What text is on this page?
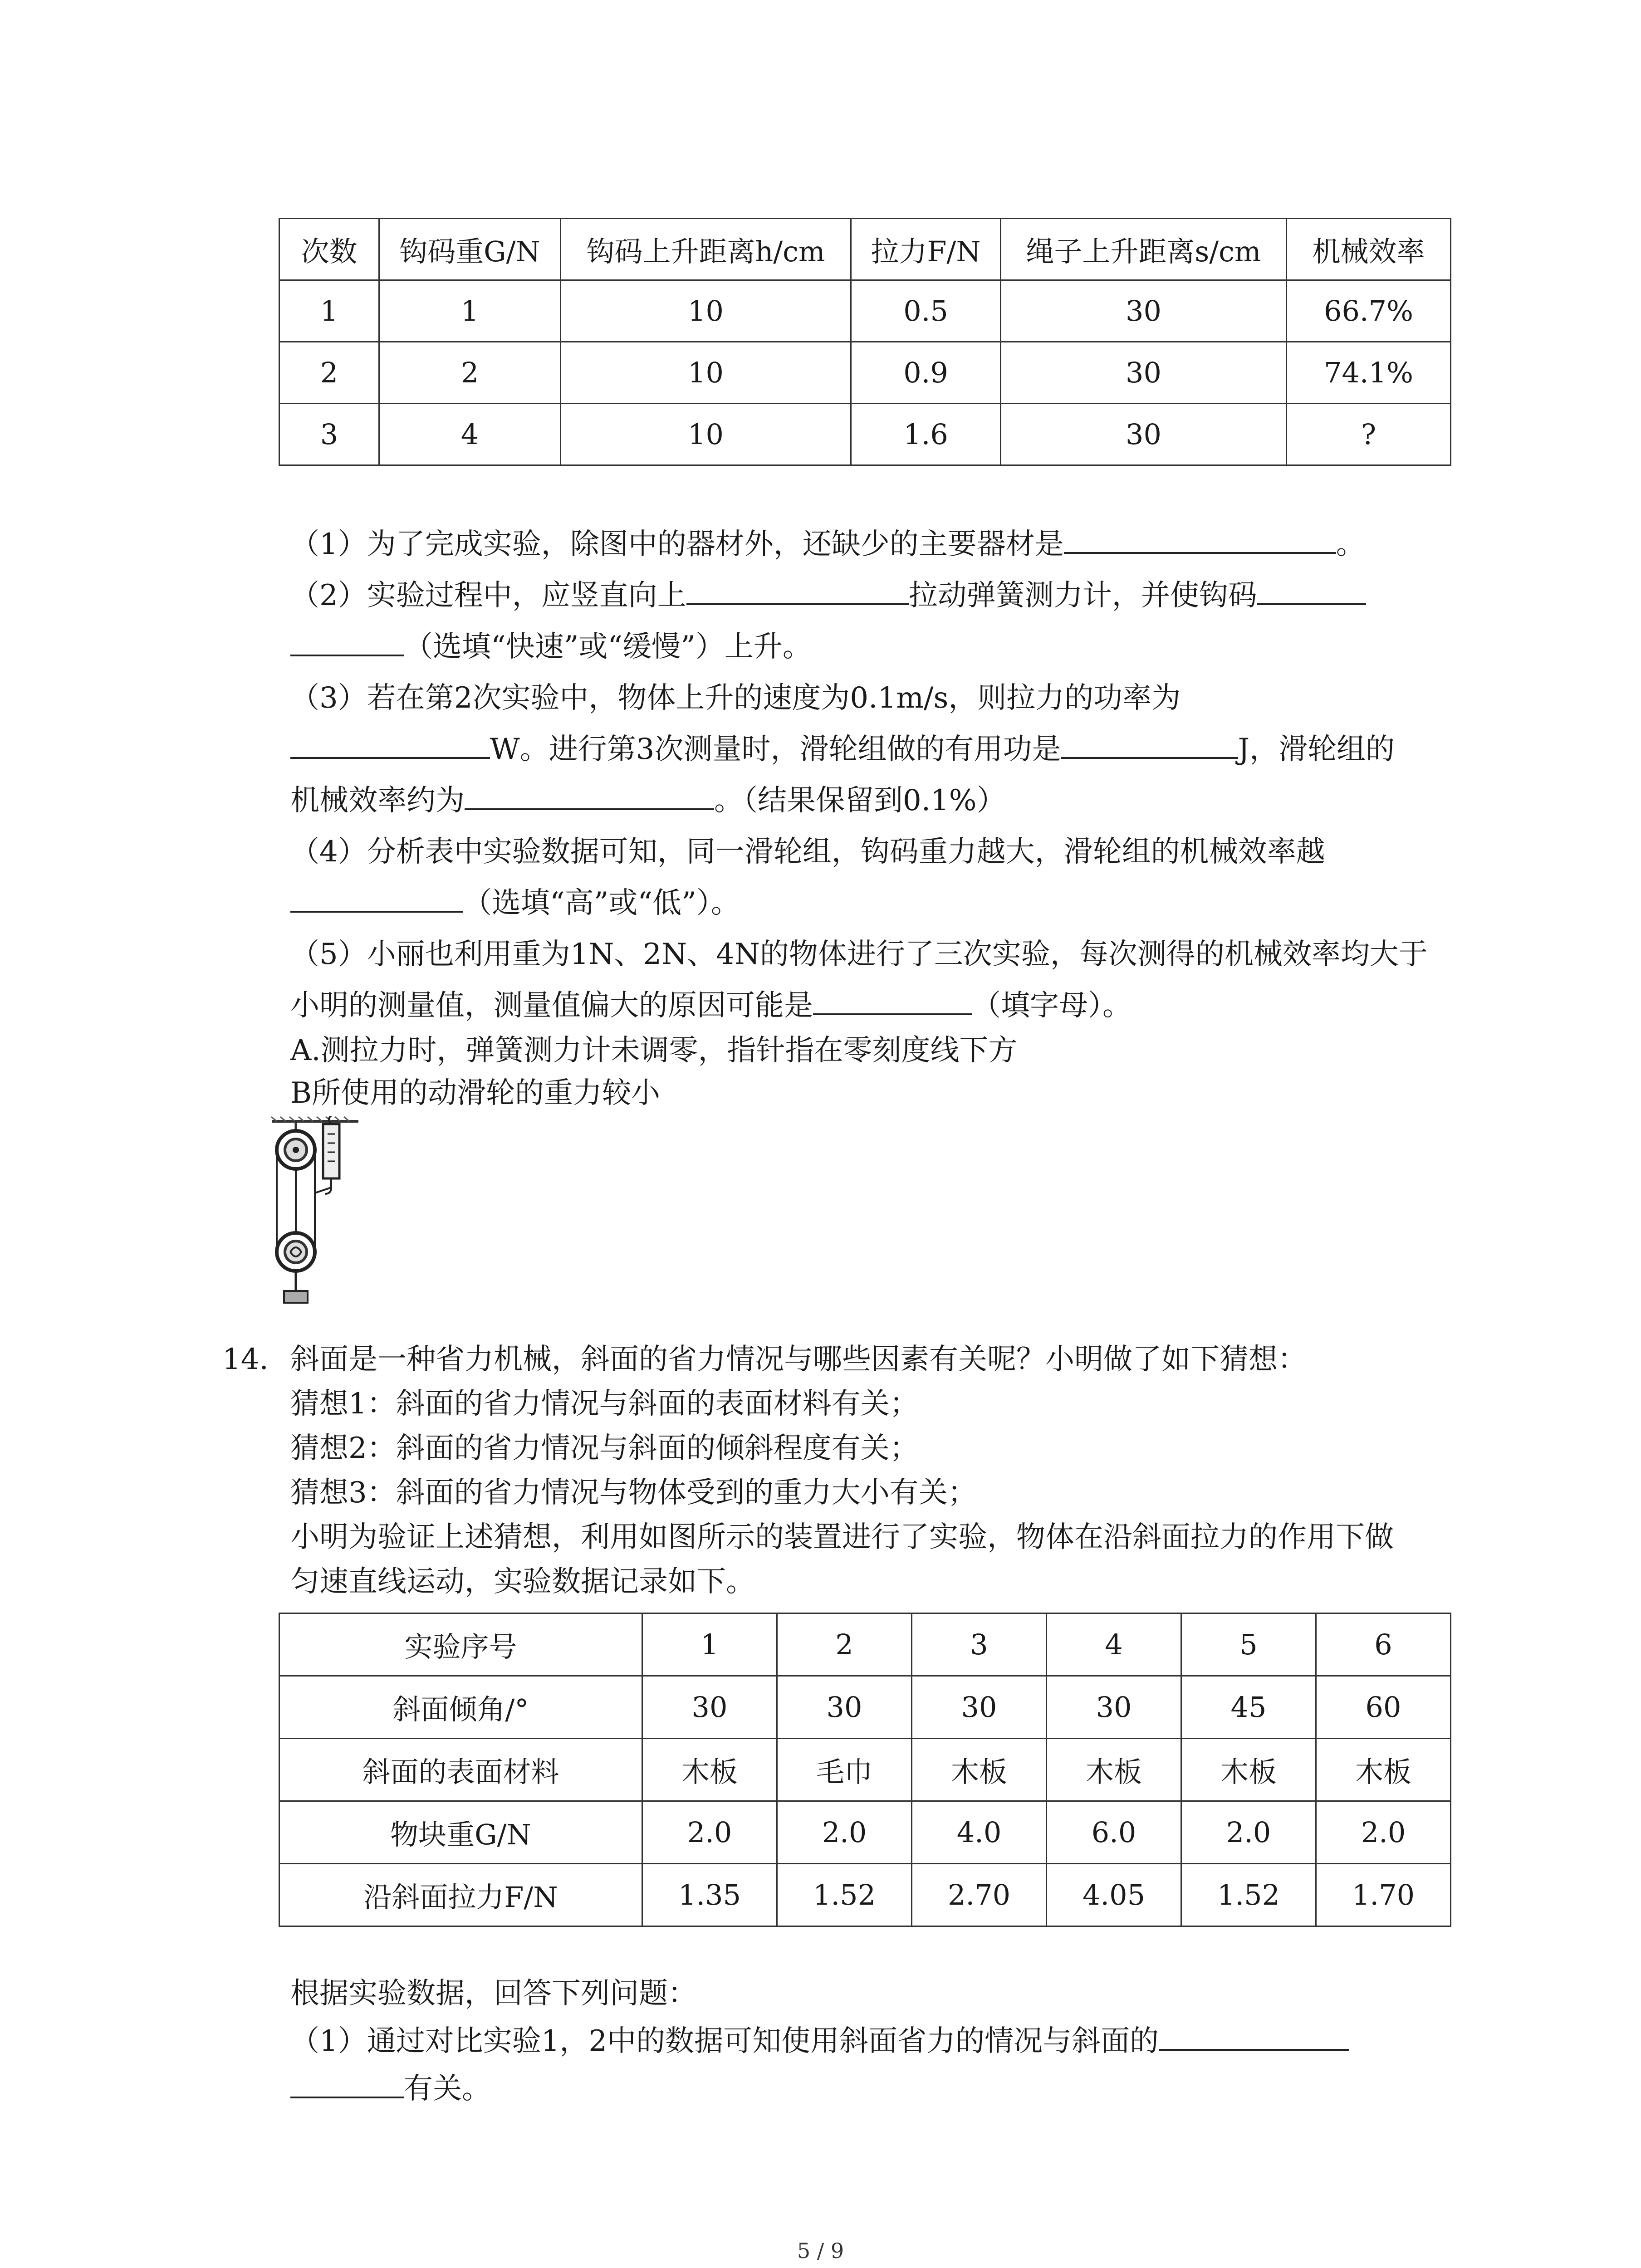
次数	钩码重G/N	钩码上升距离h/cm	拉力F/N	绳子上升距离s/cm	机械效率
1	1	10	0.5	30	66.7%
2	2	10	0.9	30	74.1%
3	4	10	1.6	30	?
（1）为了完成实验，除图中的器材外，还缺少的主要器材是	。
（2）实验过程中，应竖直向上	拉动弹簧测力计，并使钩码
（选填“快速”或“缓慢”）上升。
（3）若在第2次实验中，物体上升的速度为0.1m/s，则拉力的功率为
W。进行第3次测量时，滑轮组做的有用功是	J，滑轮组的
机械效率约为	。（结果保留到0.1%）
（4）分析表中实验数据可知，同一滑轮组，钩码重力越大，滑轮组的机械效率越
（选填“高”或“低”）。
（5）小丽也利用重为1N、2N、4N的物体进行了三次实验，每次测得的机械效率均大于
小明的测量值，测量值偏大的原因可能是	（填字母）。
A.测拉力时，弹簧测力计未调零，指针指在零刻度线下方
B所使用的动滑轮的重力较小
14. 斜面是一种省力机械，斜面的省力情况与哪些因素有关呢？小明做了如下猜想：
猜想1：斜面的省力情况与斜面的表面材料有关；
猜想2：斜面的省力情况与斜面的倾斜程度有关；
猜想3：斜面的省力情况与物体受到的重力大小有关；
小明为验证上述猜想，利用如图所示的装置进行了实验，物体在沿斜面拉力的作用下做
匀速直线运动，实验数据记录如下。
实验序号	1	2	3	4	5	6
斜面倾角/°	30	30	30	30	45	60
斜面的表面材料	木板	毛巾	木板	木板	木板	木板
物块重G/N	2.0	2.0	4.0	6.0	2.0	2.0
沿斜面拉力F/N	1.35	1.52	2.70	4.05	1.52	1.70
根据实验数据，回答下列问题：
（1）通过对比实验1，2中的数据可知使用斜面省力的情况与斜面的
有关。
5 / 9
